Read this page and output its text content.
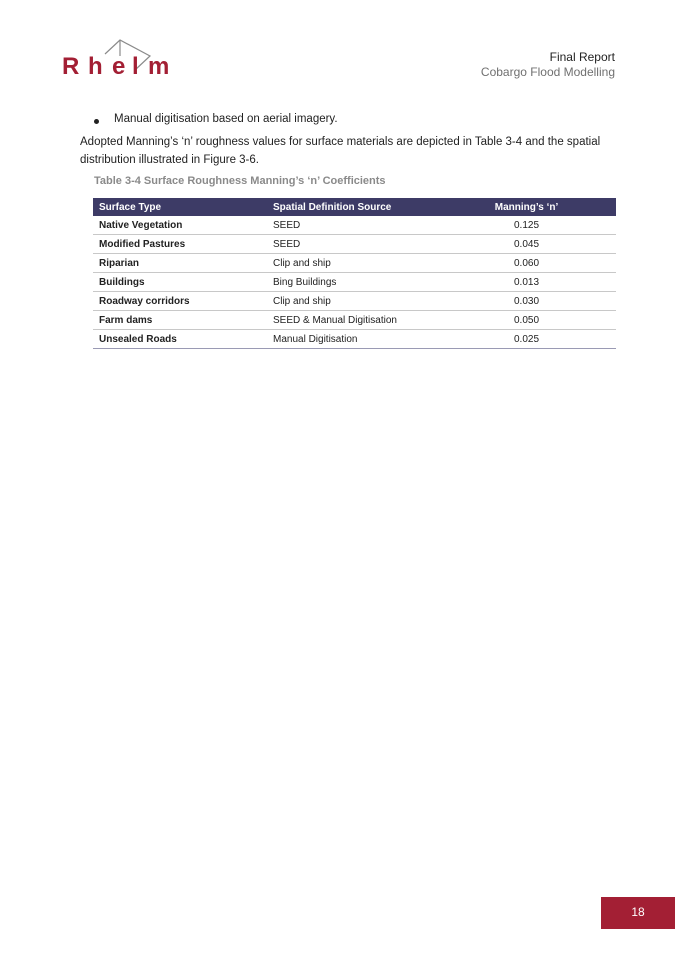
R h e l m	Final Report
Cobargo Flood Modelling
Manual digitisation based on aerial imagery.
Adopted Manning’s ‘n’ roughness values for surface materials are depicted in Table 3-4 and the spatial distribution illustrated in Figure 3-6.
Table 3-4 Surface Roughness Manning’s ‘n’ Coefficients
Surface Type	Spatial Definition Source	Manning’s ‘n’
Native Vegetation	SEED	0.125
Modified Pastures	SEED	0.045
Riparian	Clip and ship	0.060
Buildings	Bing Buildings	0.013
Roadway corridors	Clip and ship	0.030
Farm dams	SEED & Manual Digitisation	0.050
Unsealed Roads	Manual Digitisation	0.025
18
